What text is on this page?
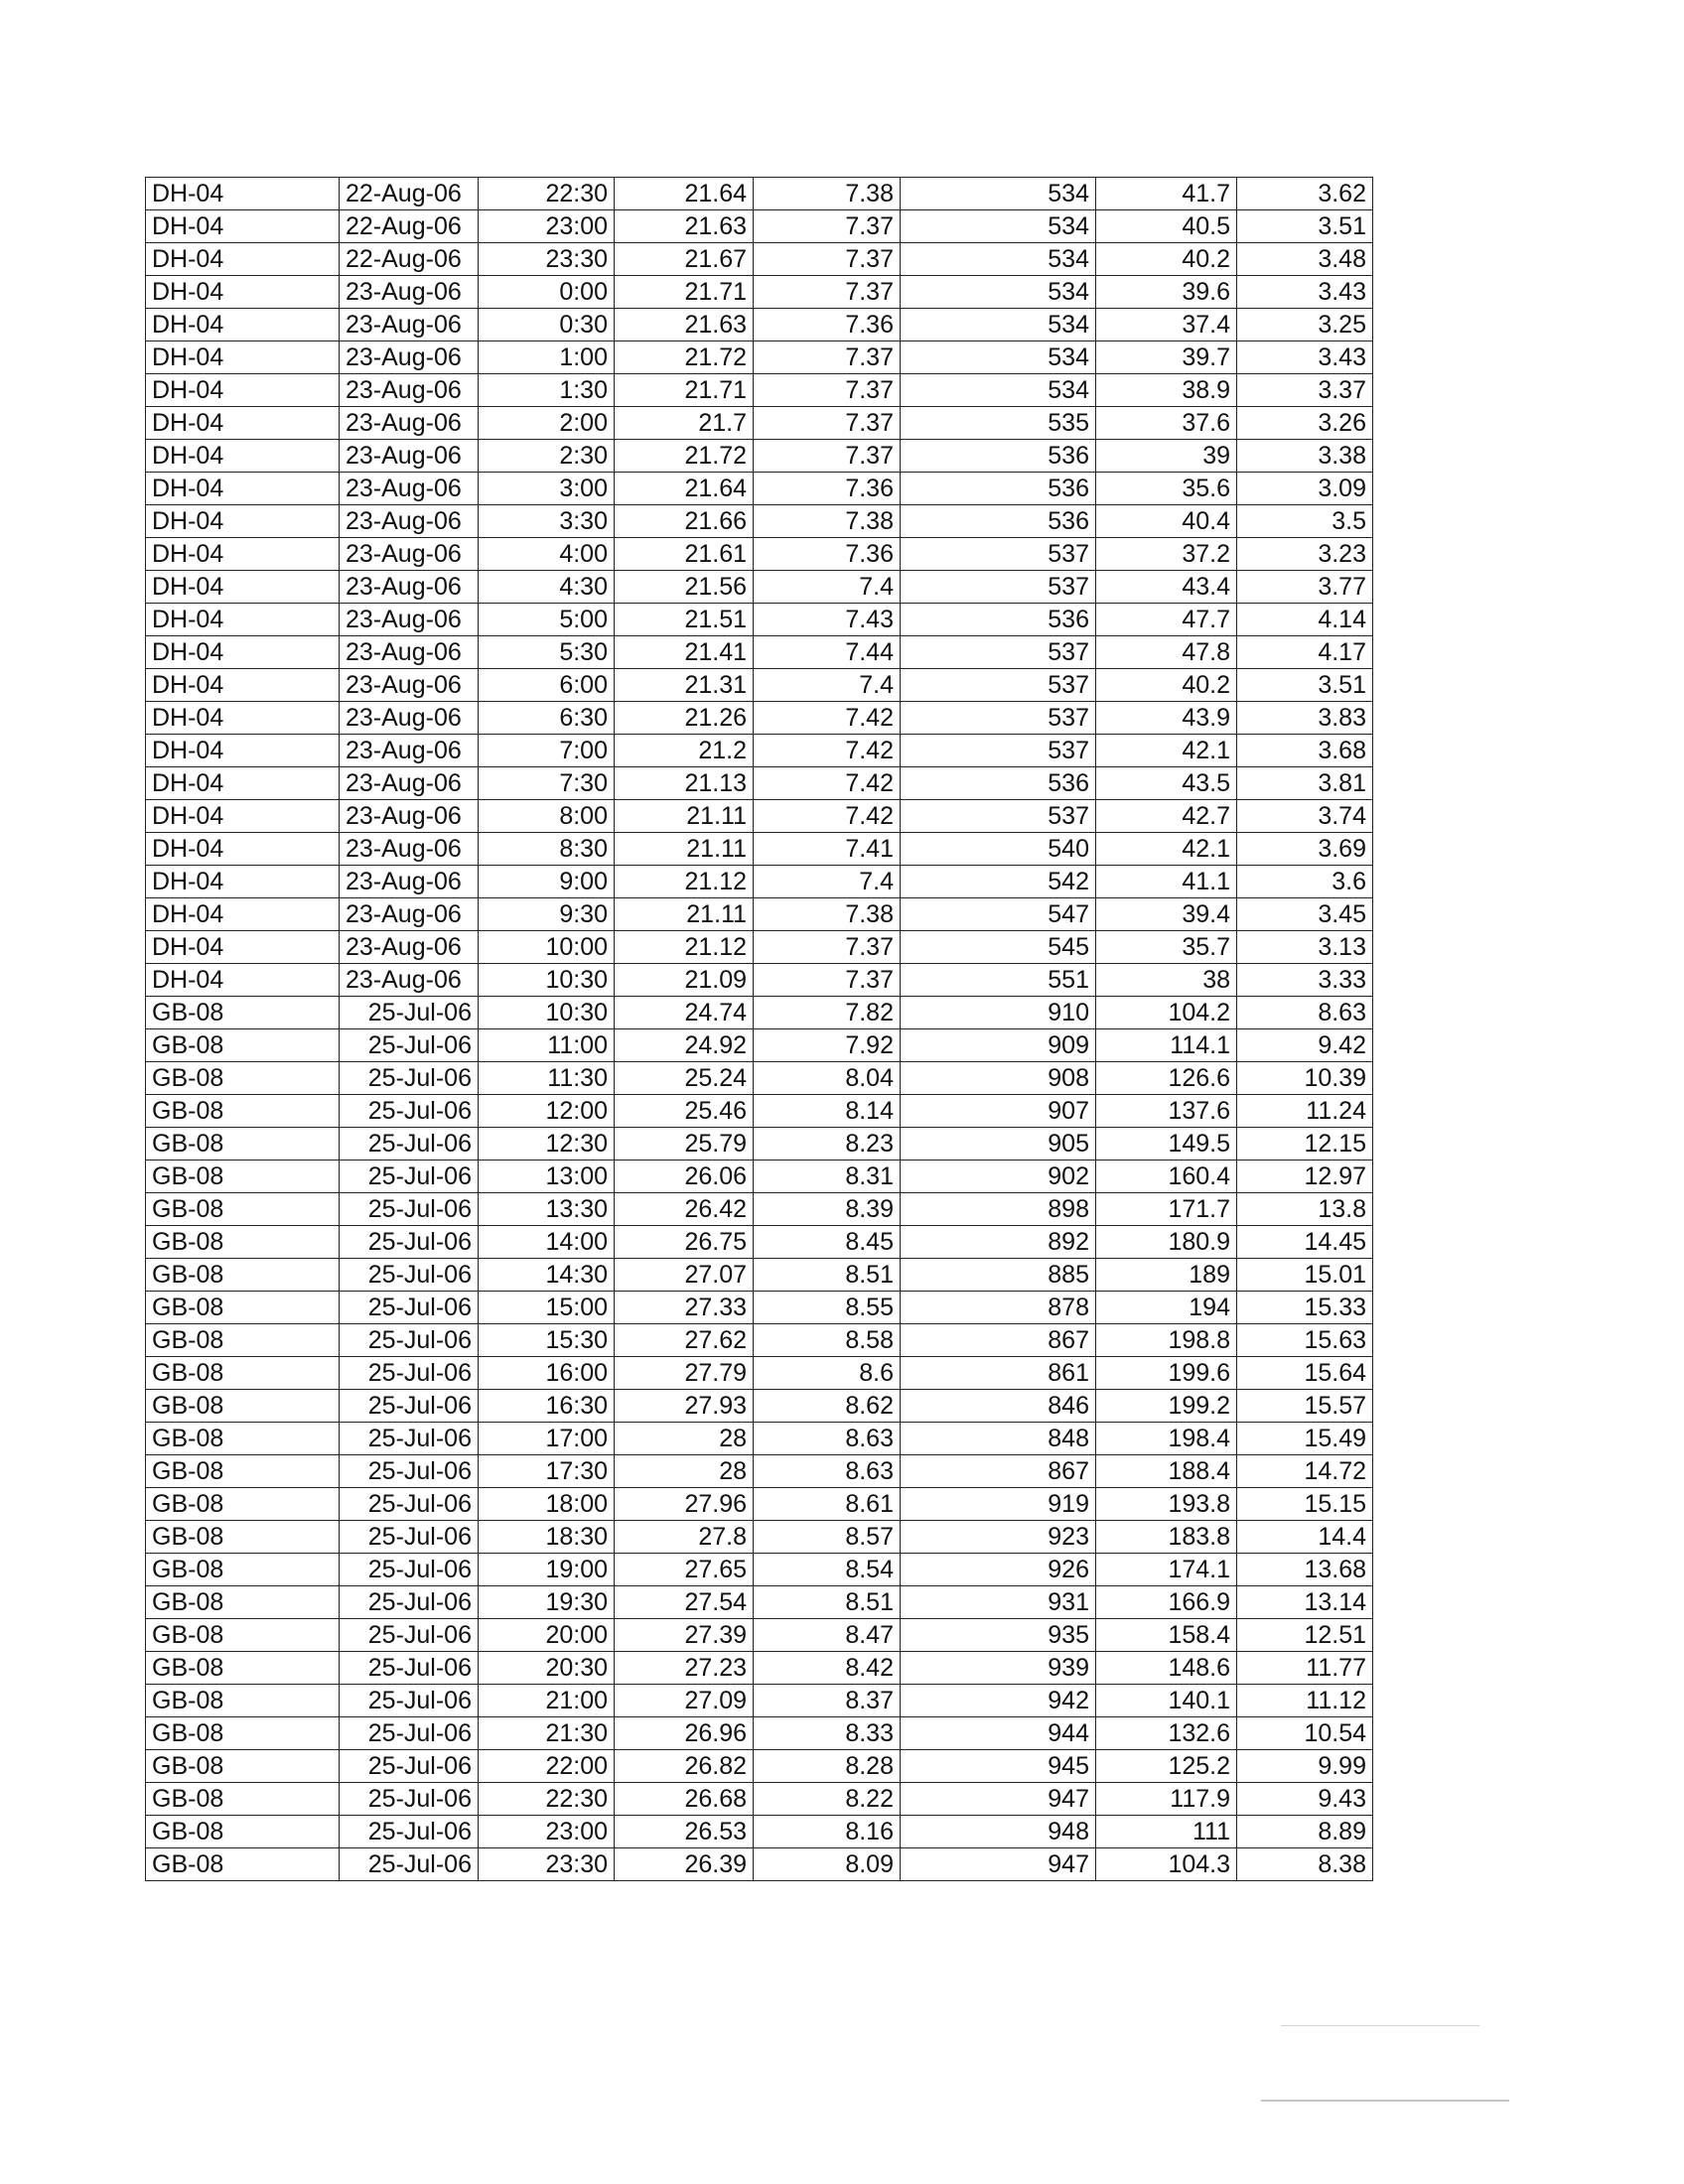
DH-04	22-Aug-06	22:30	21.64	7.38	534	41.7	3.62
DH-04	22-Aug-06	23:00	21.63	7.37	534	40.5	3.51
DH-04	22-Aug-06	23:30	21.67	7.37	534	40.2	3.48
DH-04	23-Aug-06	0:00	21.71	7.37	534	39.6	3.43
DH-04	23-Aug-06	0:30	21.63	7.36	534	37.4	3.25
DH-04	23-Aug-06	1:00	21.72	7.37	534	39.7	3.43
DH-04	23-Aug-06	1:30	21.71	7.37	534	38.9	3.37
DH-04	23-Aug-06	2:00	21.7	7.37	535	37.6	3.26
DH-04	23-Aug-06	2:30	21.72	7.37	536	39	3.38
DH-04	23-Aug-06	3:00	21.64	7.36	536	35.6	3.09
DH-04	23-Aug-06	3:30	21.66	7.38	536	40.4	3.5
DH-04	23-Aug-06	4:00	21.61	7.36	537	37.2	3.23
DH-04	23-Aug-06	4:30	21.56	7.4	537	43.4	3.77
DH-04	23-Aug-06	5:00	21.51	7.43	536	47.7	4.14
DH-04	23-Aug-06	5:30	21.41	7.44	537	47.8	4.17
DH-04	23-Aug-06	6:00	21.31	7.4	537	40.2	3.51
DH-04	23-Aug-06	6:30	21.26	7.42	537	43.9	3.83
DH-04	23-Aug-06	7:00	21.2	7.42	537	42.1	3.68
DH-04	23-Aug-06	7:30	21.13	7.42	536	43.5	3.81
DH-04	23-Aug-06	8:00	21.11	7.42	537	42.7	3.74
DH-04	23-Aug-06	8:30	21.11	7.41	540	42.1	3.69
DH-04	23-Aug-06	9:00	21.12	7.4	542	41.1	3.6
DH-04	23-Aug-06	9:30	21.11	7.38	547	39.4	3.45
DH-04	23-Aug-06	10:00	21.12	7.37	545	35.7	3.13
DH-04	23-Aug-06	10:30	21.09	7.37	551	38	3.33
GB-08	25-Jul-06	10:30	24.74	7.82	910	104.2	8.63
GB-08	25-Jul-06	11:00	24.92	7.92	909	114.1	9.42
GB-08	25-Jul-06	11:30	25.24	8.04	908	126.6	10.39
GB-08	25-Jul-06	12:00	25.46	8.14	907	137.6	11.24
GB-08	25-Jul-06	12:30	25.79	8.23	905	149.5	12.15
GB-08	25-Jul-06	13:00	26.06	8.31	902	160.4	12.97
GB-08	25-Jul-06	13:30	26.42	8.39	898	171.7	13.8
GB-08	25-Jul-06	14:00	26.75	8.45	892	180.9	14.45
GB-08	25-Jul-06	14:30	27.07	8.51	885	189	15.01
GB-08	25-Jul-06	15:00	27.33	8.55	878	194	15.33
GB-08	25-Jul-06	15:30	27.62	8.58	867	198.8	15.63
GB-08	25-Jul-06	16:00	27.79	8.6	861	199.6	15.64
GB-08	25-Jul-06	16:30	27.93	8.62	846	199.2	15.57
GB-08	25-Jul-06	17:00	28	8.63	848	198.4	15.49
GB-08	25-Jul-06	17:30	28	8.63	867	188.4	14.72
GB-08	25-Jul-06	18:00	27.96	8.61	919	193.8	15.15
GB-08	25-Jul-06	18:30	27.8	8.57	923	183.8	14.4
GB-08	25-Jul-06	19:00	27.65	8.54	926	174.1	13.68
GB-08	25-Jul-06	19:30	27.54	8.51	931	166.9	13.14
GB-08	25-Jul-06	20:00	27.39	8.47	935	158.4	12.51
GB-08	25-Jul-06	20:30	27.23	8.42	939	148.6	11.77
GB-08	25-Jul-06	21:00	27.09	8.37	942	140.1	11.12
GB-08	25-Jul-06	21:30	26.96	8.33	944	132.6	10.54
GB-08	25-Jul-06	22:00	26.82	8.28	945	125.2	9.99
GB-08	25-Jul-06	22:30	26.68	8.22	947	117.9	9.43
GB-08	25-Jul-06	23:00	26.53	8.16	948	111	8.89
GB-08	25-Jul-06	23:30	26.39	8.09	947	104.3	8.38
